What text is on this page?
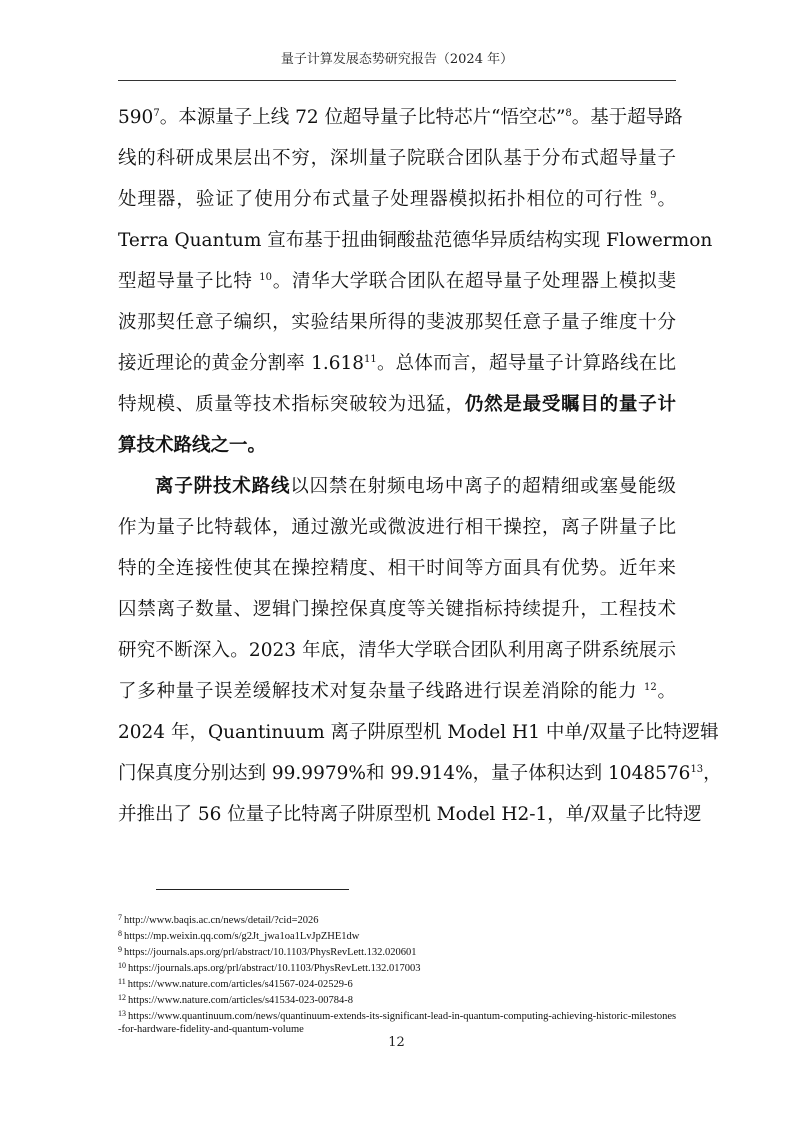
量子计算发展态势研究报告（2024 年）
$590^7$。本源量子上线 72 位超导量子比特芯片“悟空芯”$^8$。基于超导路
线的科研成果层出不穷，深圳量子院联合团队基于分布式超导量子
处理器，验证了使用分布式量子处理器模拟拓扑相位的可行性 $^9$。
Terra Quantum 宣布基于扭曲铜酸盐范德华异质结构实现 Flowermon
型超导量子比特 $^{10}$。清华大学联合团队在超导量子处理器上模拟斐
波那契任意子编织，实验结果所得的斐波那契任意子量子维度十分
接近理论的黄金分割率 1.618$^{11}$。总体而言，超导量子计算路线在比
特规模、质量等技术指标突破较为迅猛，仍然是最受瞩目的量子计
算技术路线之一。
离子阱技术路线以囚禁在射频电场中离子的超精细或塞曼能级
作为量子比特载体，通过激光或微波进行相干操控，离子阱量子比
特的全连接性使其在操控精度、相干时间等方面具有优势。近年来
囚禁离子数量、逻辑门操控保真度等关键指标持续提升，工程技术
研究不断深入。2023 年底，清华大学联合团队利用离子阱系统展示
了多种量子误差缓解技术对复杂量子线路进行误差消除的能力 $^{12}$。
2024 年，Quantinuum 离子阱原型机 Model H1 中单/双量子比特逻辑
门保真度分别达到 99.9979%和 99.914%，量子体积达到 1048576$^{13}$，
并推出了 56 位量子比特离子阱原型机 Model H2-1，单/双量子比特逻
$^7$ http://www.baqis.ac.cn/news/detail/?cid=2026
$^8$ https://mp.weixin.qq.com/s/g2Jt_jwa1oa1LvJpZHE1dw
$^9$ https://journals.aps.org/prl/abstract/10.1103/PhysRevLett.132.020601
$^{10}$ https://journals.aps.org/prl/abstract/10.1103/PhysRevLett.132.017003
$^{11}$ https://www.nature.com/articles/s41567-024-02529-6
$^{12}$ https://www.nature.com/articles/s41534-023-00784-8
$^{13}$ https://www.quantinuum.com/news/quantinuum-extends-its-significant-lead-in-quantum-computing-achieving-historic-milestones-for-hardware-fidelity-and-quantum-volume
12
